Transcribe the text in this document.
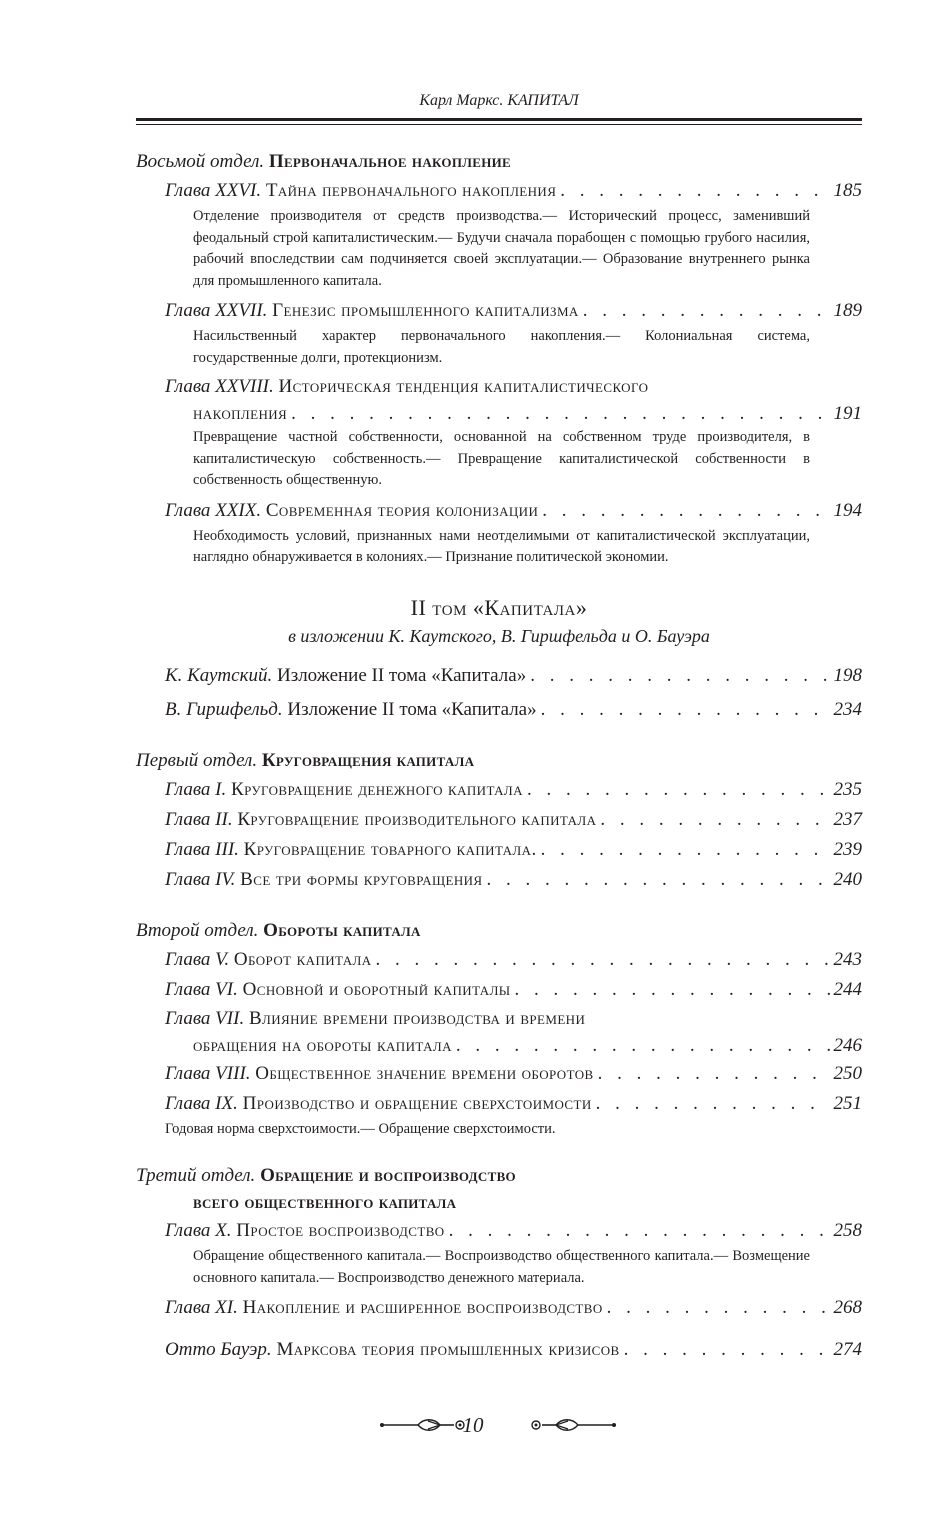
Карл Маркс. КАПИТАЛ
Восьмой отдел. Первоначальное накопление
Глава XXVI. Тайна первоначального накопления . . .	185
Отделение производителя от средств производства.— Исторический процесс, заменивший феодальный строй капиталистическим.— Будучи сначала порабощен с помощью грубого насилия, рабочий впоследствии сам подчиняется своей эксплуатации.— Образование внутреннего рынка для промышленного капитала.
Глава XXVII. Генезис промышленного капитализма . . .	189
Насильственный характер первоначального накопления.— Колониальная система, государственные долги, протекционизм.
Глава XXVIII. Историческая тенденция капиталистического
накопления . . .	191
Превращение частной собственности, основанной на собственном труде производителя, в капиталистическую собственность.— Превращение капиталистической собственности в собственность общественную.
Глава XXIX. Современная теория колонизации . . .	194
Необходимость условий, признанных нами неотделимыми от капиталистической эксплуатации, наглядно обнаруживается в колониях.— Признание политической экономии.
II том «Капитала»
в изложении К. Каутского, В. Гиршфельда и О. Бауэра
К. Каутский. Изложение II тома «Капитала» . . .	198
В. Гиршфельд. Изложение II тома «Капитала» . . .	234
Первый отдел. Круговращения капитала
Глава I. Круговращение денежного капитала . . .	235
Глава II. Круговращение производительного капитала . . .	237
Глава III. Круговращение товарного капитала. . . .	239
Глава IV. Все три формы круговращения . . .	240
Второй отдел. Обороты капитала
Глава V. Оборот капитала . . .	243
Глава VI. Основной и оборотный капиталы . . .	244
Глава VII. Влияние времени производства и времени
обращения на обороты капитала . . .	246
Глава VIII. Общественное значение времени оборотов . . .	250
Глава IX. Производство и обращение сверхстоимости . . .	251
Годовая норма сверхстоимости.— Обращение сверхстоимости.
Третий отдел. Обращение и воспроизводство
всего общественного капитала
Глава X. Простое воспроизводство . . .	258
Обращение общественного капитала.— Воспроизводство общественного капитала.— Возмещение основного капитала.— Воспроизводство денежного материала.
Глава XI. Накопление и расширенное воспроизводство . . .	268
Отто Бауэр. Марксова теория промышленных кризисов . . .	274
10
